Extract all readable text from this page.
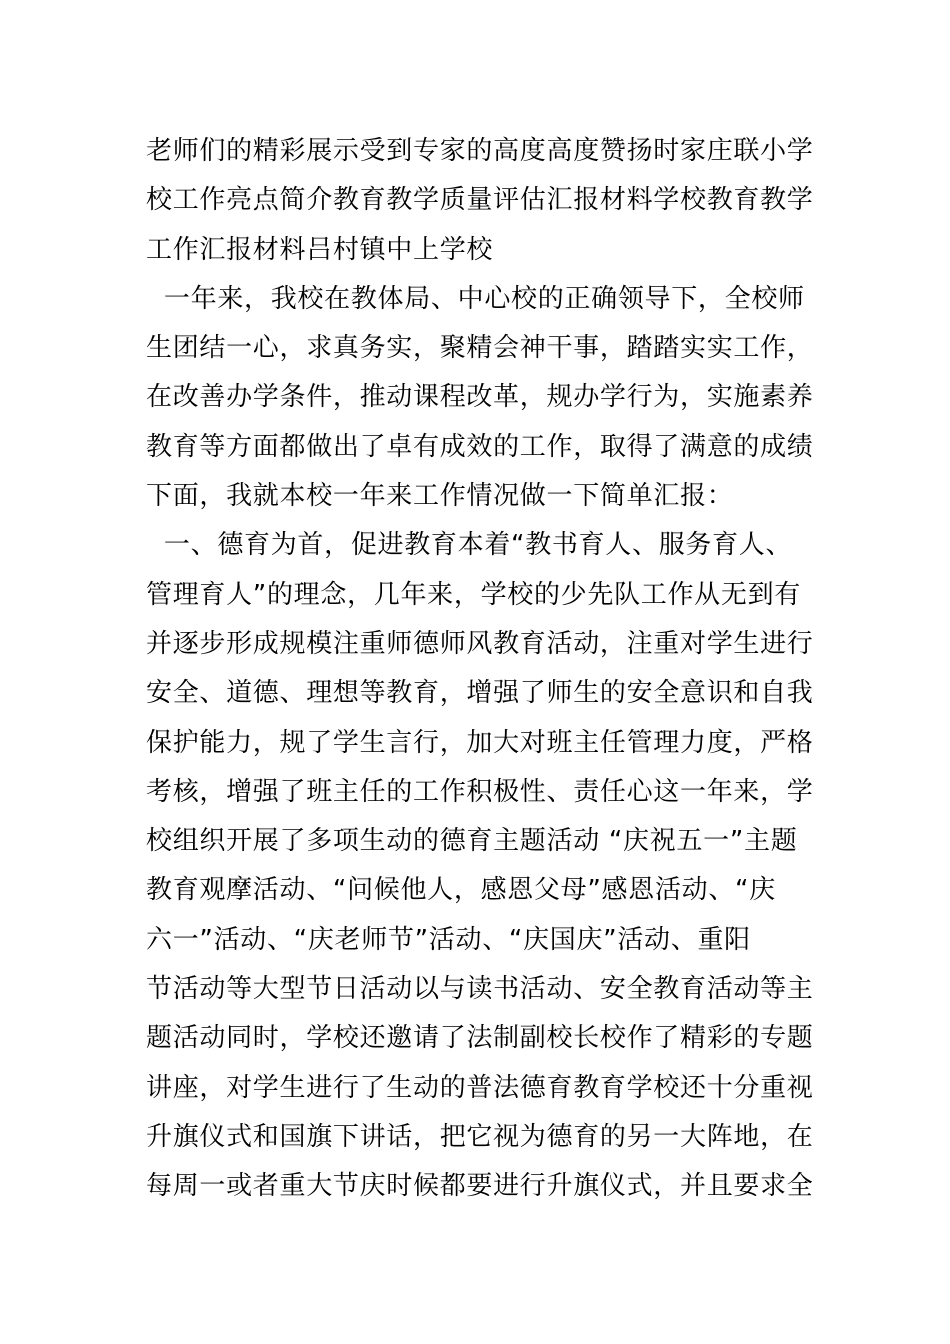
老师们的精彩展示受到专家的高度高度赞扬时家庄联小学
校工作亮点简介教育教学质量评估汇报材料学校教育教学
工作汇报材料吕村镇中上学校
一年来，我校在教体局、中心校的正确领导下，全校师
生团结一心，求真务实，聚精会神干事，踏踏实实工作，
在改善办学条件，推动课程改革，规办学行为，实施素养
教育等方面都做出了卓有成效的工作，取得了满意的成绩
下面，我就本校一年来工作情况做一下简单汇报：
一、德育为首，促进教育本着“教书育人、服务育人、
管理育人”的理念，几年来，学校的少先队工作从无到有
并逐步形成规模注重师德师风教育活动，注重对学生进行
安全、道德、理想等教育，增强了师生的安全意识和自我
保护能力，规了学生言行，加大对班主任管理力度，严格
考核，增强了班主任的工作积极性、责任心这一年来，学
校组织开展了多项生动的德育主题活动 “庆祝五一”主题
教育观摩活动、“问候他人，感恩父母”感恩活动、“庆
六一”活动、“庆老师节”活动、“庆国庆”活动、重阳
节活动等大型节日活动以与读书活动、安全教育活动等主
题活动同时，学校还邀请了法制副校长校作了精彩的专题
讲座，对学生进行了生动的普法德育教育学校还十分重视
升旗仪式和国旗下讲话，把它视为德育的另一大阵地，在
每周一或者重大节庆时候都要进行升旗仪式，并且要求全
